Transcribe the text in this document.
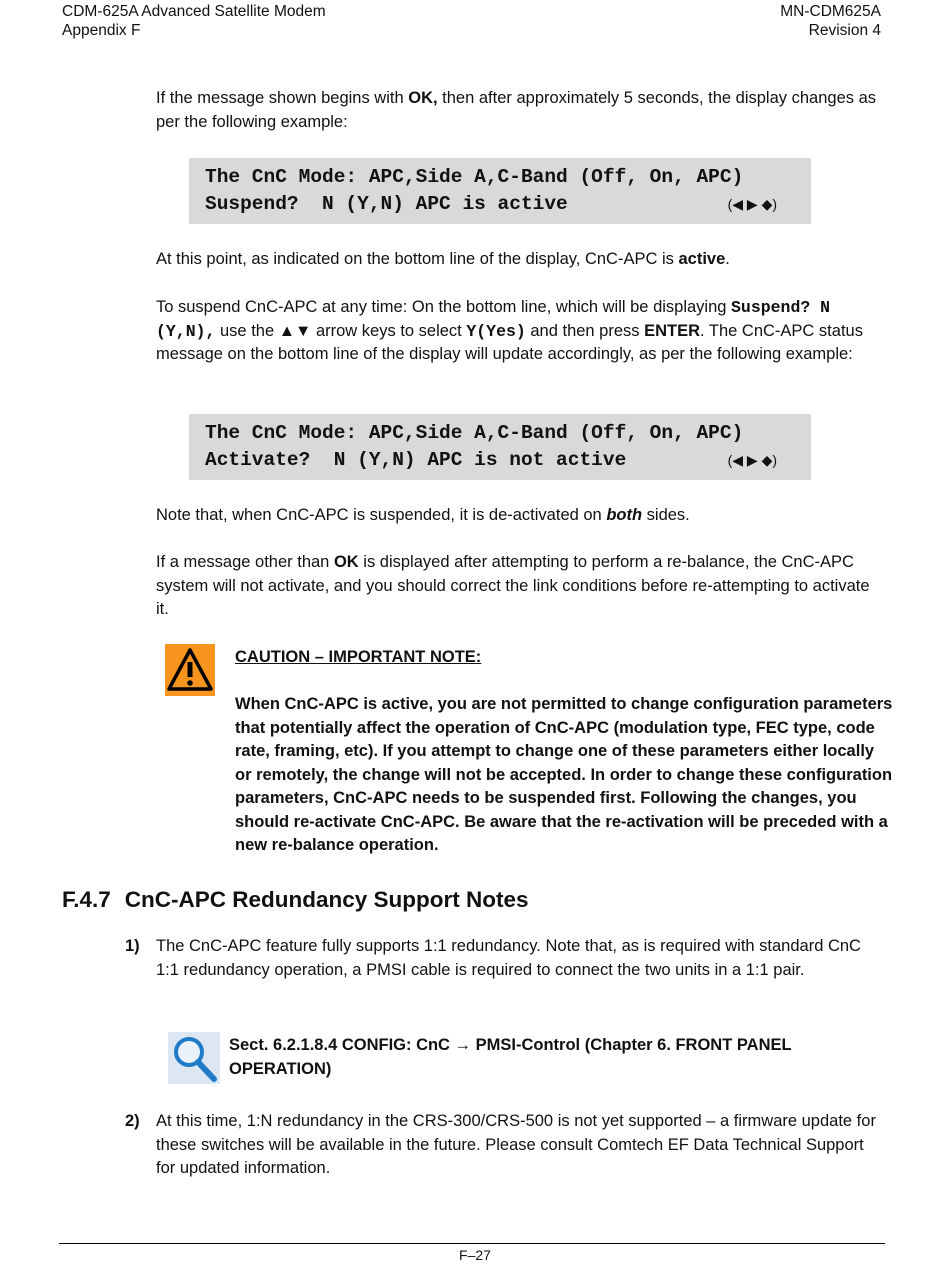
CDM-625A Advanced Satellite Modem
Appendix F
MN-CDM625A
Revision 4
If the message shown begins with OK, then after approximately 5 seconds, the display changes as per the following example:
The CnC Mode: APC,Side A,C-Band (Off, On, APC)
Suspend?  N (Y,N) APC is active	(◀ ▶ ◆)
At this point, as indicated on the bottom line of the display, CnC-APC is active.
To suspend CnC-APC at any time: On the bottom line, which will be displaying Suspend? N (Y,N), use the ▲▼ arrow keys to select Y(Yes) and then press ENTER. The CnC-APC status message on the bottom line of the display will update accordingly, as per the following example:
The CnC Mode: APC,Side A,C-Band (Off, On, APC)
Activate?  N (Y,N) APC is not active	(◀ ▶ ◆)
Note that, when CnC-APC is suspended, it is de-activated on both sides.
If a message other than OK is displayed after attempting to perform a re-balance, the CnC-APC system will not activate, and you should correct the link conditions before re-attempting to activate it.
CAUTION – IMPORTANT NOTE:
When CnC-APC is active, you are not permitted to change configuration parameters that potentially affect the operation of CnC-APC (modulation type, FEC type, code rate, framing, etc). If you attempt to change one of these parameters either locally or remotely, the change will not be accepted. In order to change these configuration parameters, CnC-APC needs to be suspended first. Following the changes, you should re-activate CnC-APC. Be aware that the re-activation will be preceded with a new re-balance operation.
F.4.7 CnC-APC Redundancy Support Notes
1) The CnC-APC feature fully supports 1:1 redundancy. Note that, as is required with standard CnC 1:1 redundancy operation, a PMSI cable is required to connect the two units in a 1:1 pair.
Sect. 6.2.1.8.4 CONFIG: CnC → PMSI-Control (Chapter 6. FRONT PANEL OPERATION)
2) At this time, 1:N redundancy in the CRS-300/CRS-500 is not yet supported – a firmware update for these switches will be available in the future. Please consult Comtech EF Data Technical Support for updated information.
F–27
